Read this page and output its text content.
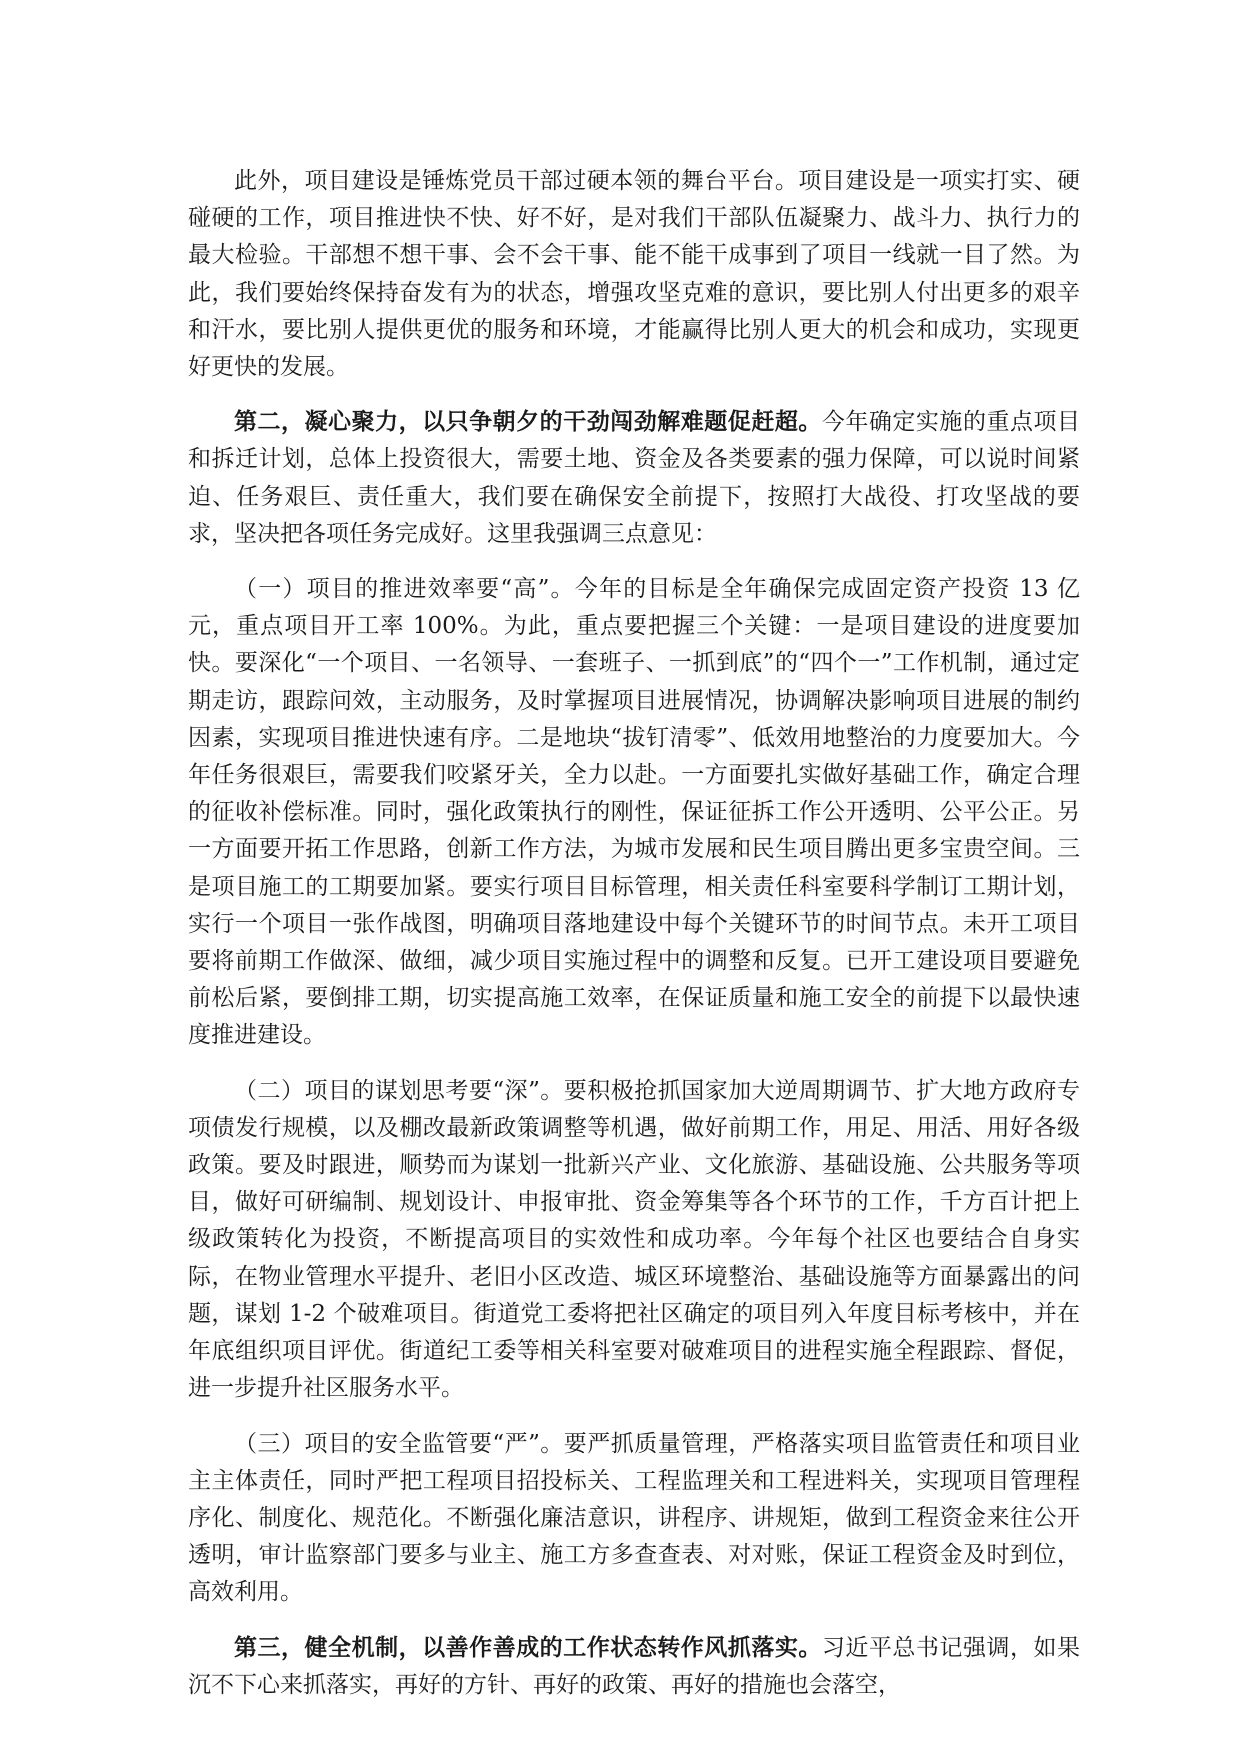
此外，项目建设是锤炼党员干部过硬本领的舞台平台。项目建设是一项实打实、硬碰硬的工作，项目推进快不快、好不好，是对我们干部队伍凝聚力、战斗力、执行力的最大检验。干部想不想干事、会不会干事、能不能干成事到了项目一线就一目了然。为此，我们要始终保持奋发有为的状态，增强攻坚克难的意识，要比别人付出更多的艰辛和汗水，要比别人提供更优的服务和环境，才能赢得比别人更大的机会和成功，实现更好更快的发展。

第二，凝心聚力，以只争朝夕的干劲闯劲解难题促赶超。今年确定实施的重点项目和拆迁计划，总体上投资很大，需要土地、资金及各类要素的强力保障，可以说时间紧迫、任务艰巨、责任重大，我们要在确保安全前提下，按照打大战役、打攻坚战的要求，坚决把各项任务完成好。这里我强调三点意见：

（一）项目的推进效率要“高”。今年的目标是全年确保完成固定资产投资 13 亿元，重点项目开工率 100%。为此，重点要把握三个关键：一是项目建设的进度要加快。要深化“一个项目、一名领导、一套班子、一抓到底”的“四个一”工作机制，通过定期走访，跟踪问效，主动服务，及时掌握项目进展情况，协调解决影响项目进展的制约因素，实现项目推进快速有序。二是地块“拔钉清零”、低效用地整治的力度要加大。今年任务很艰巨，需要我们咬紧牙关，全力以赴。一方面要扎实做好基础工作，确定合理的征收补偿标准。同时，强化政策执行的刚性，保证征拆工作公开透明、公平公正。另一方面要开拓工作思路，创新工作方法，为城市发展和民生项目腾出更多宝贵空间。三是项目施工的工期要加紧。要实行项目目标管理，相关责任科室要科学制订工期计划，实行一个项目一张作战图，明确项目落地建设中每个关键环节的时间节点。未开工项目要将前期工作做深、做细，减少项目实施过程中的调整和反复。已开工建设项目要避免前松后紧，要倒排工期，切实提高施工效率，在保证质量和施工安全的前提下以最快速度推进建设。

（二）项目的谋划思考要“深”。要积极抢抓国家加大逆周期调节、扩大地方政府专项债发行规模，以及棚改最新政策调整等机遇，做好前期工作，用足、用活、用好各级政策。要及时跟进，顺势而为谋划一批新兴产业、文化旅游、基础设施、公共服务等项目，做好可研编制、规划设计、申报审批、资金筹集等各个环节的工作，千方百计把上级政策转化为投资，不断提高项目的实效性和成功率。今年每个社区也要结合自身实际，在物业管理水平提升、老旧小区改造、城区环境整治、基础设施等方面暴露出的问题，谋划 1-2 个破难项目。街道党工委将把社区确定的项目列入年度目标考核中，并在年底组织项目评优。街道纪工委等相关科室要对破难项目的进程实施全程跟踪、督促，进一步提升社区服务水平。

（三）项目的安全监管要“严”。要严抓质量管理，严格落实项目监管责任和项目业主主体责任，同时严把工程项目招投标关、工程监理关和工程进料关，实现项目管理程序化、制度化、规范化。不断强化廉洁意识，讲程序、讲规矩，做到工程资金来往公开透明，审计监察部门要多与业主、施工方多查查表、对对账，保证工程资金及时到位，高效利用。

第三，健全机制，以善作善成的工作状态转作风抓落实。习近平总书记强调，如果沉不下心来抓落实，再好的方针、再好的政策、再好的措施也会落空，
